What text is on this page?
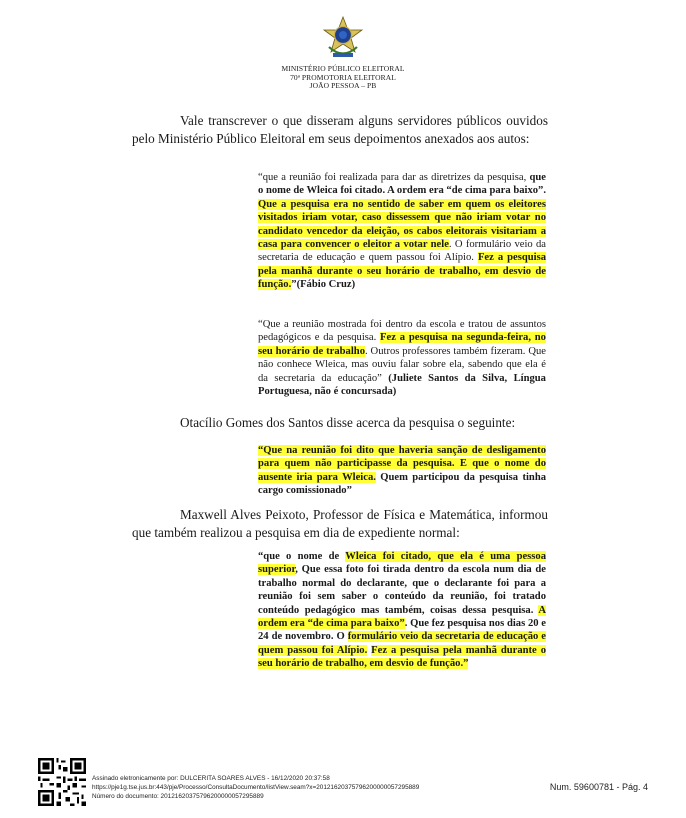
MINISTÉRIO PÚBLICO ELEITORAL
70ª PROMOTORIA ELEITORAL
JOÃO PESSOA – PB
Vale transcrever o que disseram alguns servidores públicos ouvidos pelo Ministério Público Eleitoral em seus depoimentos anexados aos autos:
“que a reunião foi realizada para dar as diretrizes da pesquisa, que o nome de Wleica foi citado. A ordem era “de cima para baixo”. Que a pesquisa era no sentido de saber em quem os eleitores visitados iriam votar, caso dissessem que não iriam votar no candidato vencedor da eleição, os cabos eleitorais visitariam a casa para convencer o eleitor a votar nele. O formulário veio da secretaria de educação e quem passou foi Alípio. Fez a pesquisa pela manhã durante o seu horário de trabalho, em desvio de função.”(Fábio Cruz)
“Que a reunião mostrada foi dentro da escola e tratou de assuntos pedagógicos e da pesquisa. Fez a pesquisa na segunda-feira, no seu horário de trabalho. Outros professores também fizeram. Que não conhece Wleica, mas ouviu falar sobre ela, sabendo que ela é da secretaria da educação” (Juliete Santos da Silva, Língua Portuguesa, não é concursada)
Otacílio Gomes dos Santos disse acerca da pesquisa o seguinte:
“Que na reunião foi dito que haveria sanção de desligamento para quem não participasse da pesquisa. E que o nome do ausente iria para Wleica. Quem participou da pesquisa tinha cargo comissionado”
Maxwell Alves Peixoto, Professor de Física e Matemática, informou que também realizou a pesquisa em dia de expediente normal:
“que o nome de Wleica foi citado, que ela é uma pessoa superior, Que essa foto foi tirada dentro da escola num dia de trabalho normal do declarante, que o declarante foi para a reunião foi sem saber o conteúdo da reunião, foi tratado conteúdo pedagógico mas também, coisas dessa pesquisa. A ordem era “de cima para baixo”. Que fez pesquisa nos dias 20 e 24 de novembro. O formulário veio da secretaria de educação e quem passou foi Alípio. Fez a pesquisa pela manhã durante o seu horário de trabalho, em desvio de função.”
Assinado eletronicamente por: DULCERITA SOARES ALVES - 16/12/2020 20:37:58
https://pje1g.tse.jus.br:443/pje/Processo/ConsultaDocumento/listView.seam?x=20121620375796200000057295889
Número do documento: 20121620375796200000057295889
Num. 59600781 - Pág. 4
